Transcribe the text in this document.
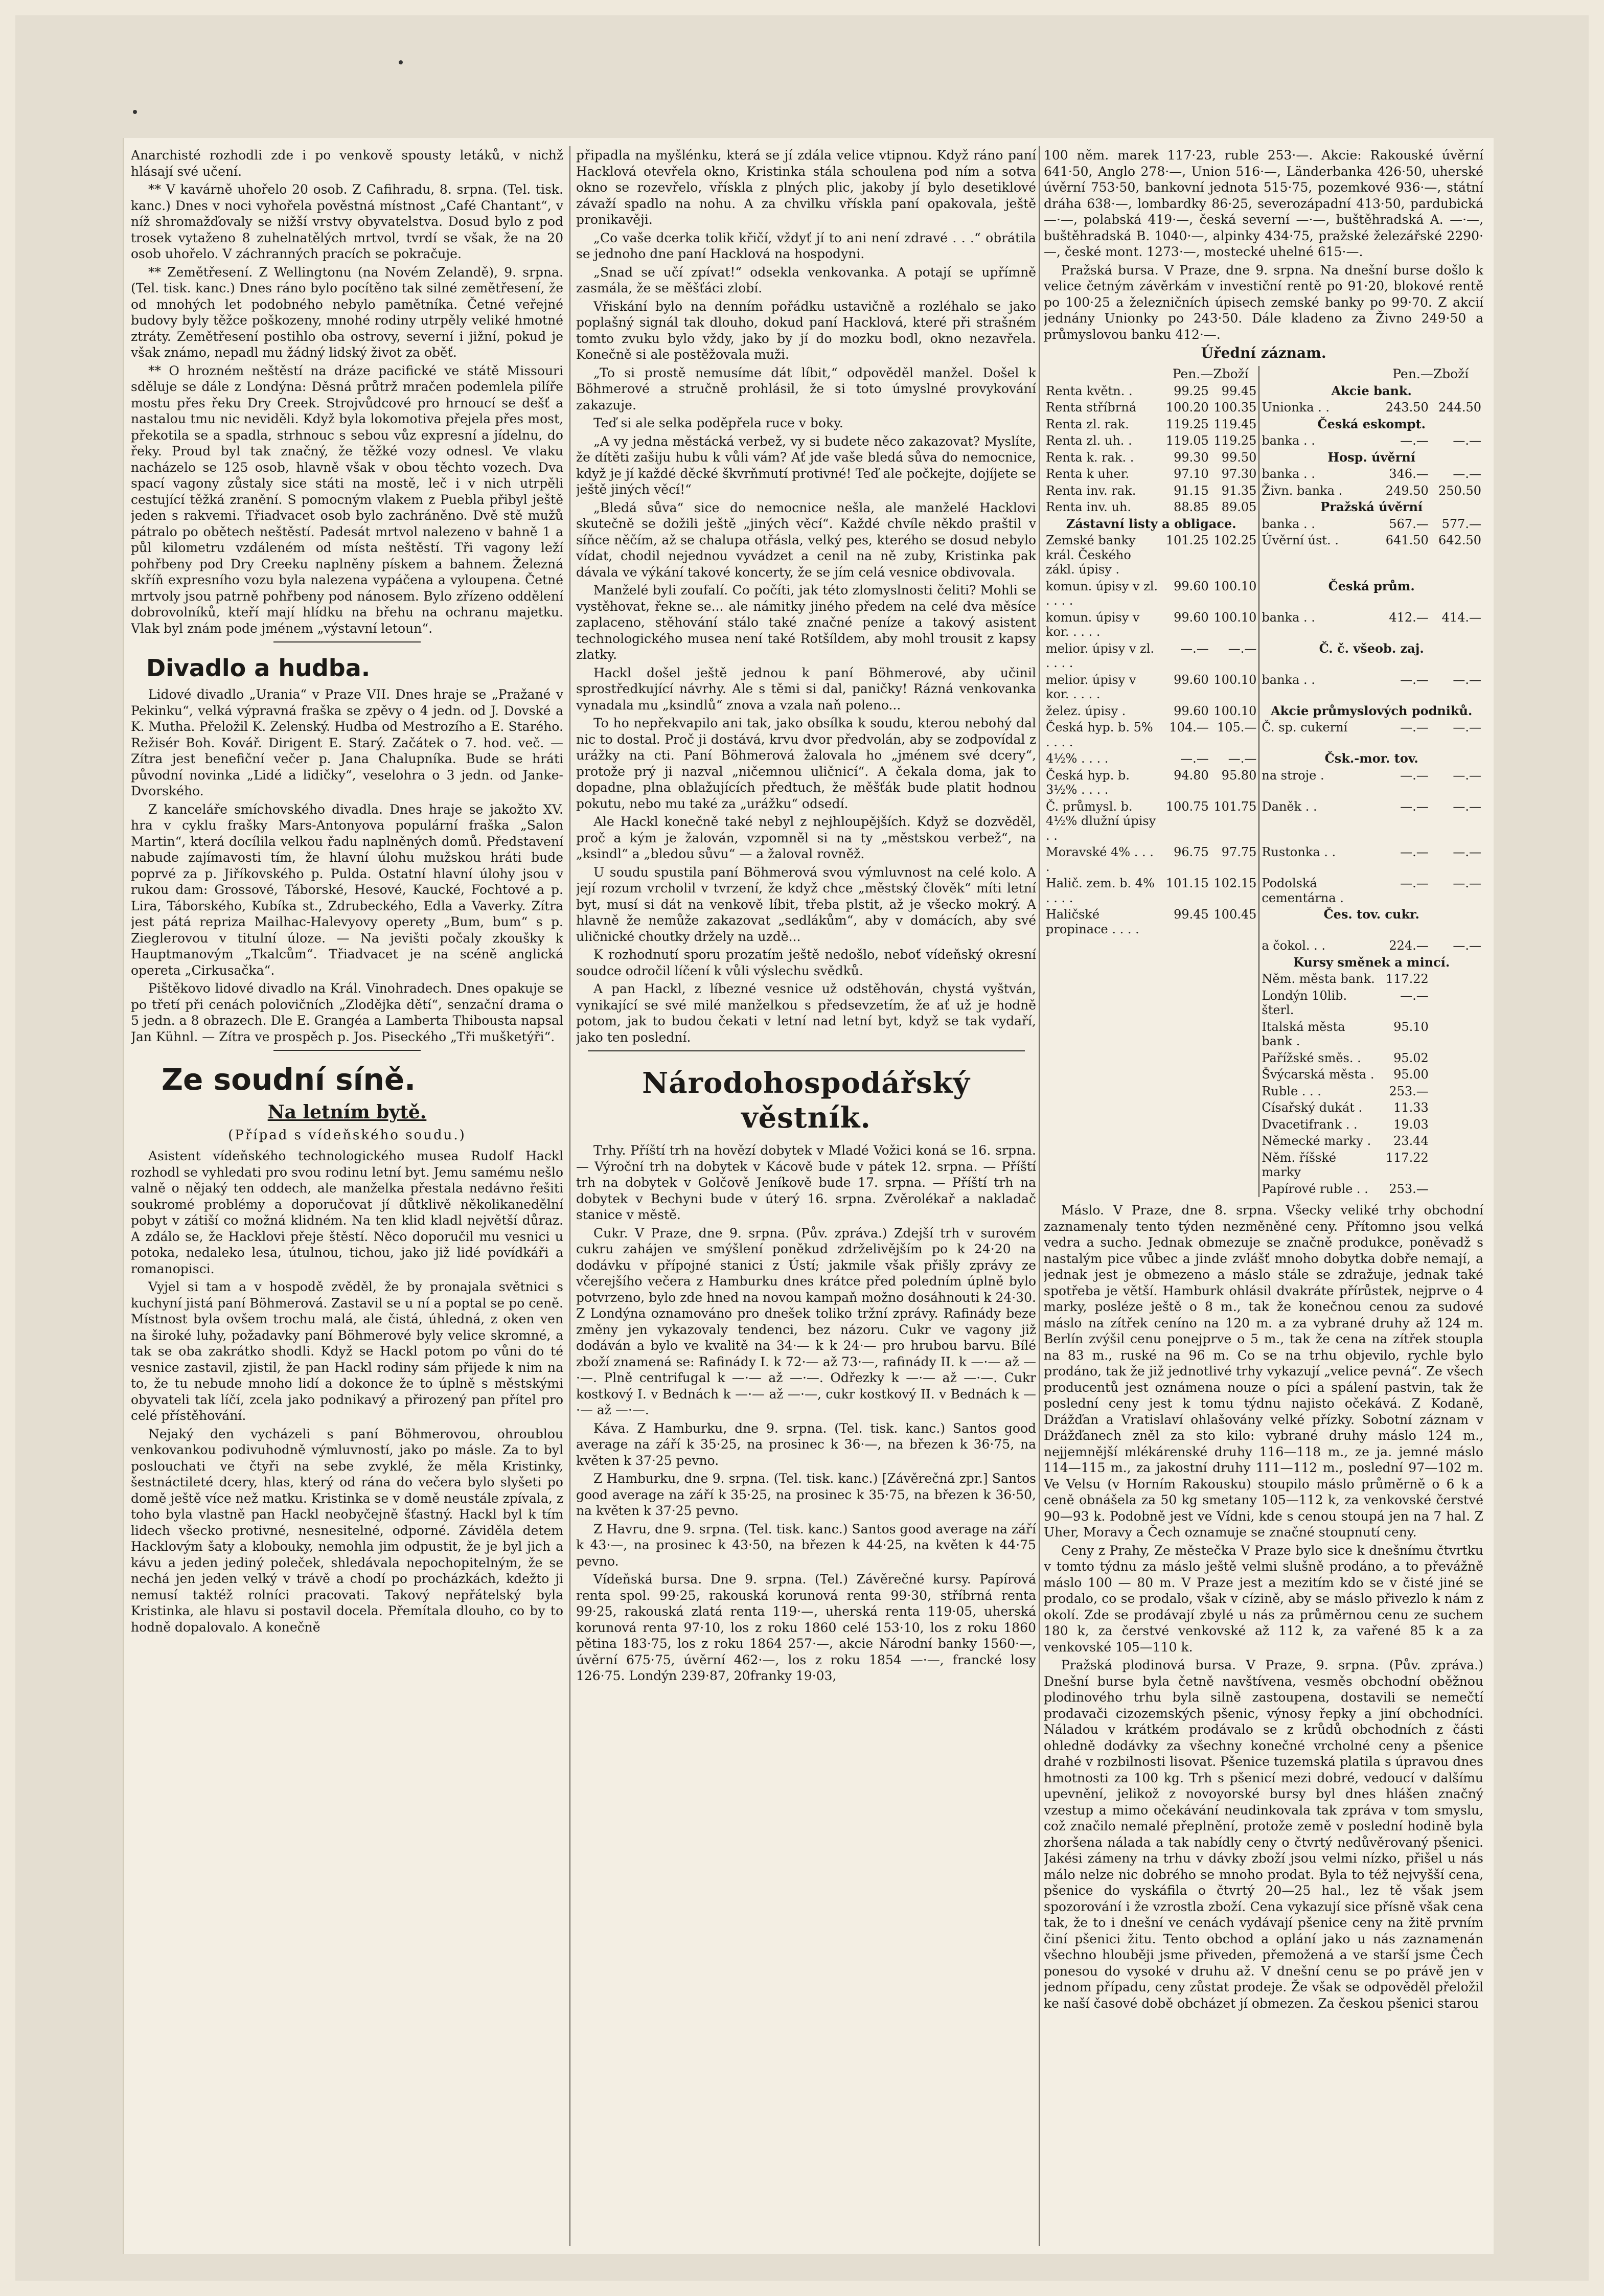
Anarchisté rozhodli zde i po venkově spousty letáků, v nichž hlásají své učení.

** V kavárně uhořelo 20 osob. Z Cafihradu, 8. srpna. (Tel. tisk. kanc.) Dnes v noci vyhořela pověstná místnost „Café Chantant“, v níž shromažďovaly se nižší vrstvy obyvatelstva. Dosud bylo z pod trosek vytaženo 8 zuhelnatělých mrtvol, tvrdí se však, že na 20 osob uhořelo. V záchranných pracích se pokračuje.

** Zemětřesení. Z Wellingtonu (na Novém Zelandě), 9. srpna. (Tel. tisk. kanc.) Dnes ráno bylo pocítěno tak silné zemětřesení, že od mnohých let podobného nebylo pamětníka. Četné veřejné budovy byly těžce poškozeny, mnohé rodiny utrpěly veliké hmotné ztráty. Zemětřesení postihlo oba ostrovy, severní i jižní, pokud je však známo, nepadl mu žádný lidský život za oběť.

** O hrozném neštěstí na dráze pacifické ve státě Missouri sděluje se dále z Londýna: Děsná průtrž mračen podemlela pilíře mostu přes řeku Dry Creek. Strojvůdcové pro hrnoucí se dešť a nastalou tmu nic neviděli. Když byla lokomotiva přejela přes most, překotila se a spadla, strhnouc s sebou vůz expresní a jídelnu, do řeky. Proud byl tak značný, že těžké vozy odnesl. Ve vlaku nacházelo se 125 osob, hlavně však v obou těchto vozech. Dva spací vagony zůstaly sice státi na mostě, leč i v nich utrpěli cestující těžká zranění. S pomocným vlakem z Puebla přibyl ještě jeden s rakvemi. Třiadvacet osob bylo zachráněno. Dvě stě mužů pátralo po obětech neštěstí. Padesát mrtvol nalezeno v bahně 1 a půl kilometru vzdáleném od místa neštěstí. Tři vagony leží pohřbeny pod Dry Creeku naplněny pískem a bahnem. Železná skříň expresního vozu byla nalezena vypáčena a vyloupena. Četné mrtvoly jsou patrně pohřbeny pod nánosem. Bylo zřízeno oddělení dobrovolníků, kteří mají hlídku na břehu na ochranu majetku. Vlak byl znám pode jménem „výstavní letoun“.

Divadlo a hudba.

Lidové divadlo „Urania“ v Praze VII. Dnes hraje se „Pražané v Pekinku“, velká výpravná fraška se zpěvy o 4 jedn. od J. Dovské a K. Mutha. Přeložil K. Zelenský. Hudba od Mestrozího a E. Starého. Režisér Boh. Kovář. Dirigent E. Starý. Začátek o 7. hod. več. — Zítra jest benefiční večer p. Jana Chalupníka. Bude se hráti původní novinka „Lidé a lidičky“, veselohra o 3 jedn. od Janke-Dvorského.

Z kanceláře smíchovského divadla. Dnes hraje se jakožto XV. hra v cyklu frašky Mars-Antonyova populární fraška „Salon Martin“, která docílila velkou řadu naplněných domů. Představení nabude zajímavosti tím, že hlavní úlohu mužskou hráti bude poprvé za p. Jiříkovského p. Pulda. Ostatní hlavní úlohy jsou v rukou dam: Grossové, Táborské, Hesové, Kaucké, Fochtové a p. Lira, Táborského, Kubíka st., Zdrubeckého, Edla a Vaverky. Zítra jest pátá repriza Mailhac-Halevyovy operety „Bum, bum“ s p. Zieglerovou v titulní úloze. — Na jevišti počaly zkoušky k Hauptmanovým „Tkalcům“. Třiadvacet je na scéně anglická opereta „Cirkusačka“.

Pištěkovo lidové divadlo na Král. Vinohradech. Dnes opakuje se po třetí při cenách polovičních „Zlodějka dětí“, senzační drama o 5 jedn. a 8 obrazech. Dle E. Grangéa a Lamberta Thibousta napsal Jan Kühnl. — Zítra ve prospěch p. Jos. Piseckého „Tři mušketýři“.

Ze soudní síně.
Na letním bytě.
(Případ s vídeňského soudu.)

Asistent vídeňského technologického musea Rudolf Hackl rozhodl se vyhledati pro svou rodinu letní byt. Jemu samému nešlo valně o nějaký ten oddech, ale manželka přestala nedávno řešiti soukromé problémy a doporučovat jí důtklivě několikanedělní pobyt v zátiší co možná klidném. Na ten klid kladl největší důraz. A zdálo se, že Hacklovi přeje štěstí. Něco doporučil mu vesnici u potoka, nedaleko lesa, útulnou, tichou, jako již lidé povídkáři a romanopisci.

Vyjel si tam a v hospodě zvěděl, že by pronajala světnici s kuchyní jistá paní Böhmerová. Zastavil se u ní a poptal se po ceně. Místnost byla ovšem trochu malá, ale čistá, úhledná, z oken ven na široké luhy, požadavky paní Böhmerové byly velice skromné, a tak se oba zakrátko shodli. Když se Hackl potom po vůni do té vesnice zastavil, zjistil, že pan Hackl rodiny sám přijede k nim na to, že tu nebude mnoho lidí a dokonce že to úplně s městskými obyvateli tak líčí, zcela jako podnikavý a přirozený pan přítel pro celé přístěhování.

Nejaký den vycházeli s paní Böhmerovou, ohroublou venkovankou podivuhodně výmluvností, jako po másle. Za to byl poslouchati ve čtyři na sebe zvyklé, že měla Kristinky, šestnáctileté dcery, hlas, který od rána do večera bylo slyšeti po domě ještě více než matku. Kristinka se v domě neustále zpívala, z toho byla vlastně pan Hackl neobyčejně šťastný. Hackl byl k tím lidech všecko protivné, nesnesitelné, odporné. Záviděla detem Hacklovým šaty a klobouky, nemohla jim odpustit, že je byl jich a kávu a jeden jediný poleček, shledávala nepochopitelným, že se nechá jen jeden velký v trávě a chodí po procházkách, kdežto ji nemusí taktéž rolníci pracovati. Takový nepřátelský byla Kristinka, ale hlavu si postavil docela. Přemítala dlouho, co by to hodně dopalovalo. A konečně

připadla na myšlénku, která se jí zdála velice vtipnou. Když ráno paní Hacklová otevřela okno, Kristinka stála schoulena pod ním a sotva okno se rozevřelo, vřískla z plných plic, jakoby jí bylo desetiklové závaží spadlo na nohu. A za chvilku vřískla paní opakovala, ještě pronikavěji.

„Co vaše dcerka tolik křičí, vždyť jí to ani není zdravé . . .“ obrátila se jednoho dne paní Hacklová na hospodyni.

„Snad se učí zpívat!“ odsekla venkovanka. A potají se upřímně zasmála, že se měšťáci zlobí.

Vřiskání bylo na denním pořádku ustavičně a rozléhalo se jako poplašný signál tak dlouho, dokud paní Hacklová, které při strašném tomto zvuku bylo vždy, jako by jí do mozku bodl, okno nezavřela. Konečně si ale postěžovala muži.

„To si prostě nemusíme dát líbit,“ odpověděl manžel. Došel k Böhmerové a stručně prohlásil, že si toto úmyslné provykování zakazuje.

Teď si ale selka poděpřela ruce v boky.

„A vy jedna městácká verbež, vy si budete něco zakazovat? Myslíte, že dítěti zašiju hubu k vůli vám? Ať jde vaše bledá sůva do nemocnice, když je jí každé děcké škvrňmutí protivné! Teď ale počkejte, dojíjete se ještě jiných věcí!“

„Bledá sůva“ sice do nemocnice nešla, ale manželé Hacklovi skutečně se dožili ještě „jiných věcí“. Každé chvíle někdo praštil v síňce něčím, až se chalupa otřásla, velký pes, kterého se dosud nebylo vídat, chodil nejednou vyvádzet a cenil na ně zuby, Kristinka pak dávala ve výkání takové koncerty, že se jím celá vesnice obdivovala.

Manželé byli zoufalí. Co počíti, jak této zlomyslnosti čeliti? Mohli se vystěhovat, řekne se... ale námitky jiného předem na celé dva měsíce zaplaceno, stěhování stálo také značné peníze a takový asistent technologického musea není také Rotšíldem, aby mohl trousit z kapsy zlatky.

Hackl došel ještě jednou k paní Böhmerové, aby učinil sprostředkující návrhy. Ale s těmi si dal, paničky! Rázná venkovanka vynadala mu „ksindlů“ znova a vzala naň poleno...

To ho nepřekvapilo ani tak, jako obsílka k soudu, kterou nebohý dal nic to dostal. Proč ji dostává, krvu dvor předvolán, aby se zodpovídal z urážky na cti. Paní Böhmerová žalovala ho „jménem své dcery“, protože prý ji nazval „ničemnou uličnicí“. A čekala doma, jak to dopadne, plna oblažujících předtuch, že měšťák bude platit hodnou pokutu, nebo mu také za „urážku“ odsedí.

Ale Hackl konečně také nebyl z nejhloupějších. Když se dozvěděl, proč a kým je žalován, vzpomněl si na ty „městskou verbež“, na „ksindl“ a „bledou sůvu“ — a žaloval rovněž.

U soudu spustila paní Böhmerová svou výmluvnost na celé kolo. A její rozum vrcholil v tvrzení, že když chce „městský člověk“ míti letní byt, musí si dát na venkově líbit, třeba plstit, až je všecko mokrý. A hlavně že nemůže zakazovat „sedlákům“, aby v domácích, aby své uličnické choutky držely na uzdě...

K rozhodnutí sporu prozatím ještě nedošlo, neboť vídeňský okresní soudce odročil líčení k vůli výslechu svědků.

A pan Hackl, z líbezné vesnice už odstěhován, chystá vyštván, vynikající se své milé manželkou s předsevzetím, že ať už je hodně potom, jak to budou čekati v letní nad letní byt, když se tak vydaří, jako ten poslední.

Národohospodářský věstník.

Trhy. Příští trh na hovězí dobytek v Mladé Vožici koná se 16. srpna. — Výroční trh na dobytek v Kácově bude v pátek 12. srpna. — Příští trh na dobytek v Golčově Jeníkově bude 17. srpna. — Příští trh na dobytek v Bechyni bude v úterý 16. srpna. Zvěrolékař a nakladač stanice v městě.

Cukr. V Praze, dne 9. srpna. (Pův. zpráva.) Zdejší trh v surovém cukru zahájen ve smýšlení poněkud zdrželivějším po k 24·20 na dodávku v přípojné stanici z Ústí; jakmile však přišly zprávy ze včerejšího večera z Hamburku dnes krátce před poledním úplně bylo potvrzeno, bylo zde hned na novou kampaň možno dosáhnouti k 24·30. Z Londýna oznamováno pro dnešek toliko tržní zprávy. Rafinády beze změny jen vykazovaly tendenci, bez názoru. Cukr ve vagony již dodáván a bylo ve kvalitě na 34·— k k 24·— pro hrubou barvu. Bílé zboží znamená se: Rafinády I. k 72·— až 73·—, rafinády II. k —·— až —·—. Plně centrifugal k —·— až —·—. Odřezky k —·— až —·—. Cukr kostkový I. v Bednách k —·— až —·—, cukr kostkový II. v Bednách k —·— až —·—.

Káva. Z Hamburku, dne 9. srpna. (Tel. tisk. kanc.) Santos good average na září k 35·25, na prosinec k 36·—, na březen k 36·75, na květen k 37·25 pevno.

Z Hamburku, dne 9. srpna. (Tel. tisk. kanc.) [Závěrečná zpr.] Santos good average na září k 35·25, na prosinec k 35·75, na březen k 36·50, na květen k 37·25 pevno.

Z Havru, dne 9. srpna. (Tel. tisk. kanc.) Santos good average na září k 43·—, na prosinec k 43·50, na březen k 44·25, na květen k 44·75 pevno.

Vídeňská bursa. Dne 9. srpna. (Tel.) Závěrečné kursy. Papírová renta spol. 99·25, rakouská korunová renta 99·30, stříbrná renta 99·25, rakouská zlatá renta 119·—, uherská renta 119·05, uherská korunová renta 97·10, los z roku 1860 celé 153·10, los z roku 1860 pětina 183·75, los z roku 1864 257·—, akcie Národní banky 1560·—, úvěrní 675·75, úvěrní 462·—, los z roku 1854 —·—, francké losy 126·75. Londýn 239·87, 20franky 19·03,

100 něm. marek 117·23, ruble 253·—. Akcie: Rakouské úvěrní 641·50, Anglo 278·—, Union 516·—, Länderbanka 426·50, uherské úvěrní 753·50, bankovní jednota 515·75, pozemkové 936·—, státní dráha 638·—, lombardky 86·25, severozápadní 413·50, pardubická —·—, polabská 419·—, česká severní —·—, buštěhradská A. —·—, buštěhradská B. 1040·—, alpinky 434·75, pražské železářské 2290·—, české mont. 1273·—, mostecké uhelné 615·—.

Pražská bursa. V Praze, dne 9. srpna. Na dnešní burse došlo k velice četným závěrkám v investiční rentě po 91·20, blokové rentě po 100·25 a železničních úpisech zemské banky po 99·70. Z akcií jednány Unionky po 243·50. Dále kladeno za Živno 249·50 a průmyslovou banku 412·—.

Úřední záznam.
	Pen.—Zboží			Pen.—Zboží	
Renta květn. .	99.25	99.45	Akcie bank.		
Renta stříbrná	100.20	100.35	Unionka . .	243.50	244.50
Renta zl. rak.	119.25	119.45	Česká eskompt.		
Renta zl. uh. .	119.05	119.25	banka . .	—.—	—.—
Renta k. rak. .	99.30	99.50	Hosp. úvěrní		
Renta k uher.	97.10	97.30	banka . .	346.—	—.—
Renta inv. rak.	91.15	91.35	Živn. banka .	249.50	250.50
Renta inv. uh.	88.85	89.05	Pražská úvěrní		
Zástavní listy a obligace.			banka . .	567.—	577.—
Zemské banky král. Českého zákl. úpisy .	101.25	102.25	Úvěrní úst. .	641.50	642.50
komun. úpisy v zl. . . . .	99.60	100.10	Česká prům.		
komun. úpisy v kor. . . . .	99.60	100.10	banka . .	412.—	414.—
melior. úpisy v zl. . . . .	—.—	—.—	Č. č. všeob. zaj.		
melior. úpisy v kor. . . . .	99.60	100.10	banka . .	—.—	—.—
želez. úpisy .	99.60	100.10	Akcie průmyslových podniků.		
Česká hyp. b. 5% . . . .	104.—	105.—	Č. sp. cukerní	—.—	—.—
4½% . . . .	—.—	—.—	Čsk.-mor. tov.		
Česká hyp. b. 3½% . . . .	94.80	95.80	na stroje .	—.—	—.—
Č. průmysl. b. 4½% dlužní úpisy . .	100.75	101.75	Daněk . .	—.—	—.—
Moravské 4% . . . .	96.75	97.75	Rustonka . .	—.—	—.—
Halič. zem. b. 4% . . . .	101.15	102.15	Podolská cementárna .	—.—	—.—
Haličské propinace . . . .	99.45	100.45	Čes. tov. cukr.		
			a čokol. . .	224.—	—.—
			Kursy směnek a mincí.		
			Něm. města bank.	117.22	
			Londýn 10lib. šterl.	—.—	
			Italská města bank .	95.10	
			Pařížské směs. .	95.02	
			Švýcarská města .	95.00	
			Ruble . . .	253.—	
			Císařský dukát .	11.33	
			Dvacetifrank . .	19.03	
			Německé marky .	23.44	
			Něm. říšské marky	117.22	
			Papírové ruble . .	253.—	

Máslo. V Praze, dne 8. srpna. Všecky veliké trhy obchodní zaznamenaly tento týden nezměněné ceny. Přítomno jsou velká vedra a sucho. Jednak obmezuje se značně produkce, poněvadž s nastalým pice vůbec a jinde zvlášť mnoho dobytka dobře nemají, a jednak jest je obmezeno a máslo stále se zdražuje, jednak také spotřeba je větší. Hamburk ohlásil dvakráte přírůstek, nejprve o 4 marky, posléze ještě o 8 m., tak že konečnou cenou za sudové máslo na zítřek ceníno na 120 m. a za vybrané druhy až 124 m. Berlín zvýšil cenu ponejprve o 5 m., tak že cena na zítřek stoupla na 83 m., ruské na 96 m. Co se na trhu objevilo, rychle bylo prodáno, tak že již jednotlivé trhy vykazují „velice pevná“. Ze všech producentů jest oznámena nouze o píci a spálení pastvin, tak že poslední ceny jest k tomu týdnu najisto očekává. Z Kodaně, Drážďan a Vratislaví ohlašovány velké přízky. Sobotní záznam v Drážďanech zněl za sto kilo: vybrané druhy máslo 124 m., nejjemnější mlékárenské druhy 116—118 m., ze ja. jemné máslo 114—115 m., za jakostní druhy 111—112 m., poslední 97—102 m. Ve Velsu (v Horním Rakousku) stoupilo máslo průměrně o 6 k a ceně obnášela za 50 kg smetany 105—112 k, za venkovské čerstvé 90—93 k. Podobně jest ve Vídni, kde s cenou stoupá jen na 7 hal. Z Uher, Moravy a Čech oznamuje se značné stoupnutí ceny.

Ceny z Prahy, Ze městečka V Praze bylo sice k dnešnímu čtvrtku v tomto týdnu za máslo ještě velmi slušně prodáno, a to převážně máslo 100 — 80 m. V Praze jest a mezitím kdo se v čisté jiné se prodalo, co se prodalo, však v cízině, aby se máslo přivezlo k nám z okolí. Zde se prodávají zbylé u nás za průměrnou cenu ze suchem 180 k, za čerstvé venkovské až 112 k, za vařené 85 k a za venkovské 105—110 k.

Pražská plodinová bursa. V Praze, 9. srpna. (Pův. zpráva.) Dnešní burse byla četně navštívena, vesměs obchodní oběžnou plodinového trhu byla silně zastoupena, dostavili se nemečtí prodavači cizozemských pšenic, výnosy řepky a jiní obchodníci. Náladou v krátkém prodávalo se z krůdů obchodních z části ohledně dodávky za všechny konečné vrcholné ceny a pšenice drahé v rozbilnosti lisovat. Pšenice tuzemská platila s úpravou dnes hmotnosti za 100 kg. Trh s pšenicí mezi dobré, vedoucí v dalšímu upevnění, jelikož z novoyorské bursy byl dnes hlášen značný vzestup a mimo očekávání neudinkovala tak zpráva v tom smyslu, což značilo nemalé přeplnění, protože země v poslední hodině byla zhoršena nálada a tak nabídly ceny o čtvrtý nedůvěrovaný pšenici. Jakési zámeny na trhu v dávky zboží jsou velmi nízko, přišel u nás málo nelze nic dobrého se mnoho prodat. Byla to též nejvyšší cena, pšenice do vyskáfila o čtvrtý 20—25 hal., lez tě však jsem spozorování i že vzrostla zboží. Cena vykazují sice přísně však cena tak, že to i dnešní ve cenách vydávají pšenice ceny na žitě prvním činí pšenici žitu. Tento obchod a oplání jako u nás zaznamenán všechno hlouběji jsme přiveden, přemožená a ve starší jsme Čech ponesou do vysoké v druhu až. V dnešní cenu se po právě jen v jednom případu, ceny zůstat prodeje. Že však se odpověděl přeložil ke naší časové době obcházet jí obmezen. Za českou pšenici starou
